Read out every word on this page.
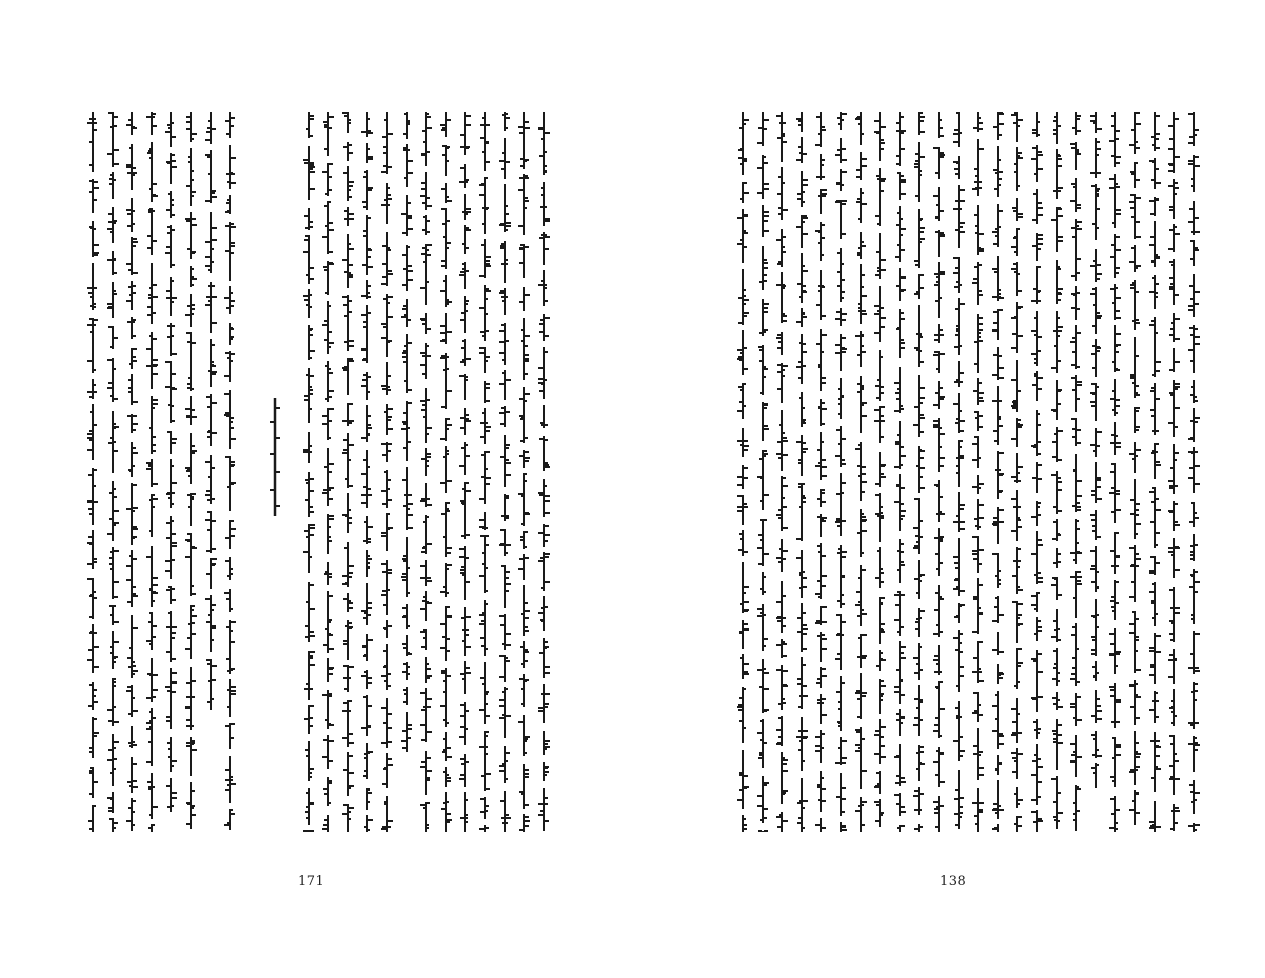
171	138
